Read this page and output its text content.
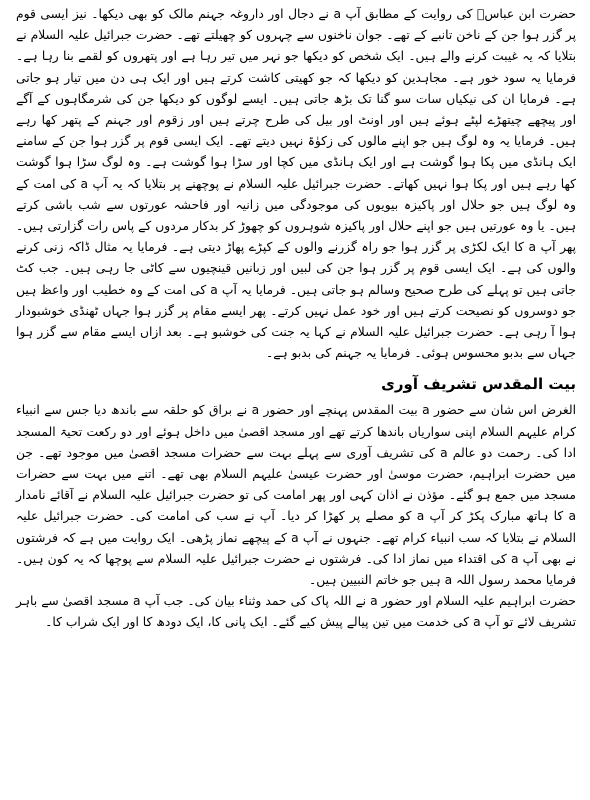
حضرت ابن عباسؓ کی روایت کے مطابق آپ a نے دجال اور داروغہ جہنم مالک کو بھی دیکھا۔ نیز ایسی قوم پر گزر ہوا جن کے ناخن تانبے کے تھے۔ جوان ناخنوں سے چہروں کو چھیلتے تھے۔ حضرت جبرائیل علیہ السلام نے بتلایا کہ یہ غیبت کرنے والے ہیں۔ ایک شخص کو دیکھا جو نہر میں تیر رہا ہے اور پتھروں کو لقمے بنا رہا ہے۔ فرمایا یہ سود خور ہے۔ مجاہدین کو دیکھا کہ جو کھیتی کاشت کرتے ہیں اور ایک ہی دن میں تیار ہو جاتی ہے۔ فرمایا ان کی نیکیاں سات سو گنا تک بڑھ جاتی ہیں۔ ایسے لوگوں کو دیکھا جن کی شرمگاہوں کے آگے اور پیچھے چیتھڑے لپٹے ہوئے ہیں اور اونٹ اور بیل کی طرح چرتے ہیں اور زقوم اور جہنم کے پتھر کھا رہے ہیں۔ فرمایا یہ وہ لوگ ہیں جو اپنے مالوں کی زکوٰۃ نہیں دیتے تھے۔ ایک ایسی قوم پر گزر ہوا جن کے سامنے ایک ہانڈی میں پکا ہوا گوشت ہے اور ایک ہانڈی میں کچا اور سڑا ہوا گوشت ہے۔ وہ لوگ سڑا ہوا گوشت کھا رہے ہیں اور پکا ہوا نہیں کھاتے۔ حضرت جبرائیل علیہ السلام نے پوچھنے پر بتلایا کہ یہ آپ a کی امت کے وہ لوگ ہیں جو حلال اور پاکیزہ بیویوں کی موجودگی میں زانیہ اور فاحشہ عورتوں سے شب باشی کرتے ہیں۔ یا وہ عورتیں ہیں جو اپنے حلال اور پاکیزہ شوہروں کو چھوڑ کر بدکار مردوں کے پاس رات گزارتی ہیں۔ پھر آپ a کا ایک لکڑی پر گزر ہوا جو راہ گزرنے والوں کے کپڑے پھاڑ دیتی ہے۔ فرمایا یہ مثال ڈاکہ زنی کرنے والوں کی ہے۔ ایک ایسی قوم پر گزر ہوا جن کی لبیں اور زبانیں قینچیوں سے کاٹی جا رہی ہیں۔ جب کٹ جاتی ہیں تو پہلے کی طرح صحیح وسالم ہو جاتی ہیں۔ فرمایا یہ آپ a کی امت کے وہ خطیب اور واعظ ہیں جو دوسروں کو نصیحت کرتے ہیں اور خود عمل نہیں کرتے۔ پھر ایسے مقام پر گزر ہوا جہاں ٹھنڈی خوشبودار ہوا آ رہی ہے۔ حضرت جبرائیل علیہ السلام نے کہا یہ جنت کی خوشبو ہے۔ بعد ازاں ایسے مقام سے گزر ہوا جہاں سے بدبو محسوس ہوئی۔ فرمایا یہ جہنم کی بدبو ہے۔

بیت المقدس تشریف آوری

الغرض اس شان سے حضور a بیت المقدس پہنچے اور حضور a نے براق کو حلقہ سے باندھ دیا جس سے انبیاء کرام علیہم السلام اپنی سواریاں باندھا کرتے تھے اور مسجد اقصیٰ میں داخل ہوئے اور دو رکعت تحیۃ المسجد ادا کی۔ رحمت دو عالم a کی تشریف آوری سے پہلے بہت سے حضرات مسجد اقصیٰ میں موجود تھے۔ جن میں حضرت ابراہیم، حضرت موسیٰ اور حضرت عیسیٰ علیہم السلام بھی تھے۔ اتنے میں بہت سے حضرات مسجد میں جمع ہو گئے۔ مؤذن نے اذان کہی اور پھر امامت کی تو حضرت جبرائیل علیہ السلام نے آقائے نامدار a کا ہاتھ مبارک پکڑ کر آپ a کو مصلے پر کھڑا کر دیا۔ آپ نے سب کی امامت کی۔ حضرت جبرائیل علیہ السلام نے بتلایا کہ سب انبیاء کرام تھے۔ جنہوں نے آپ a کے پیچھے نماز پڑھی۔ ایک روایت میں ہے کہ فرشتوں نے بھی آپ a کی اقتداء میں نماز ادا کی۔ فرشتوں نے حضرت جبرائیل علیہ السلام سے پوچھا کہ یہ کون ہیں۔ فرمایا محمد رسول اللہ a ہیں جو خاتم النبیین ہیں۔

حضرت ابراہیم علیہ السلام اور حضور a نے اللہ پاک کی حمد وثناء بیان کی۔ جب آپ a مسجد اقصیٰ سے باہر تشریف لائے تو آپ a کی خدمت میں تین پیالے پیش کیے گئے۔ ایک پانی کا، ایک دودھ کا اور ایک شراب کا۔
